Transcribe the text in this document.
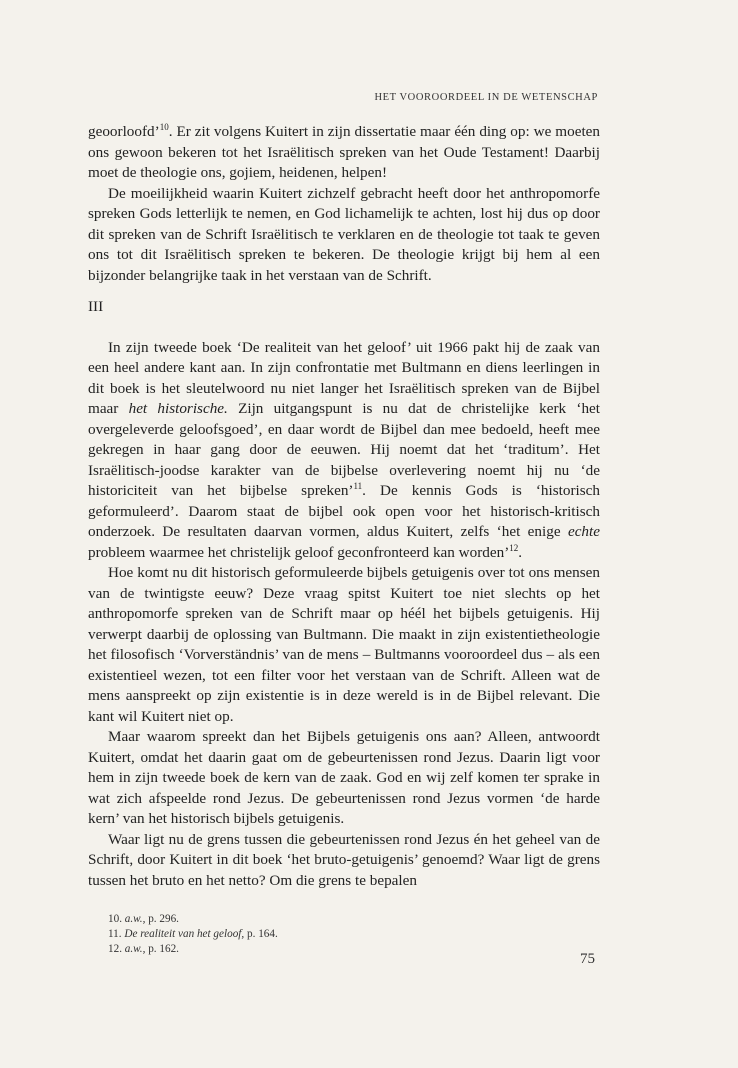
HET VOOROORDEEL IN DE WETENSCHAP

geoorloofd’$^{10}$. Er zit volgens Kuitert in zijn dissertatie maar één ding op: we moeten ons gewoon bekeren tot het Israëlitisch spreken van het Oude Testament! Daarbij moet de theologie ons, gojiem, heidenen, helpen!

De moeilijkheid waarin Kuitert zichzelf gebracht heeft door het anthropomorfe spreken Gods letterlijk te nemen, en God lichamelijk te achten, lost hij dus op door dit spreken van de Schrift Israëlitisch te verklaren en de theologie tot taak te geven ons tot dit Israëlitisch spreken te bekeren. De theologie krijgt bij hem al een bijzonder belangrijke taak in het verstaan van de Schrift.

III

In zijn tweede boek ‘De realiteit van het geloof’ uit 1966 pakt hij de zaak van een heel andere kant aan. In zijn confrontatie met Bultmann en diens leerlingen in dit boek is het sleutelwoord nu niet langer het Israëlitisch spreken van de Bijbel maar het historische. Zijn uitgangspunt is nu dat de christelijke kerk ‘het overgeleverde geloofsgoed’, en daar wordt de Bijbel dan mee bedoeld, heeft mee gekregen in haar gang door de eeuwen. Hij noemt dat het ‘traditum’. Het Israëlitisch-joodse karakter van de bijbelse overlevering noemt hij nu ‘de historiciteit van het bijbelse spreken’$^{11}$. De kennis Gods is ‘historisch geformuleerd’. Daarom staat de bijbel ook open voor het historisch-kritisch onderzoek. De resultaten daarvan vormen, aldus Kuitert, zelfs ‘het enige echte probleem waarmee het christelijk geloof geconfronteerd kan worden’$^{12}$.

Hoe komt nu dit historisch geformuleerde bijbels getuigenis over tot ons mensen van de twintigste eeuw? Deze vraag spitst Kuitert toe niet slechts op het anthropomorfe spreken van de Schrift maar op héél het bijbels getuigenis. Hij verwerpt daarbij de oplossing van Bultmann. Die maakt in zijn existentietheologie het filosofisch ‘Vorverständnis’ van de mens – Bultmanns vooroordeel dus – als een existentieel wezen, tot een filter voor het verstaan van de Schrift. Alleen wat de mens aanspreekt op zijn existentie is in deze wereld is in de Bijbel relevant. Die kant wil Kuitert niet op.

Maar waarom spreekt dan het Bijbels getuigenis ons aan? Alleen, antwoordt Kuitert, omdat het daarin gaat om de gebeurtenissen rond Jezus. Daarin ligt voor hem in zijn tweede boek de kern van de zaak. God en wij zelf komen ter sprake in wat zich afspeelde rond Jezus. De gebeurtenissen rond Jezus vormen ‘de harde kern’ van het historisch bijbels getuigenis.

Waar ligt nu de grens tussen die gebeurtenissen rond Jezus én het geheel van de Schrift, door Kuitert in dit boek ‘het bruto-getuigenis’ genoemd? Waar ligt de grens tussen het bruto en het netto? Om die grens te bepalen

10. a.w., p. 296.
11. De realiteit van het geloof, p. 164.
12. a.w., p. 162.
75
